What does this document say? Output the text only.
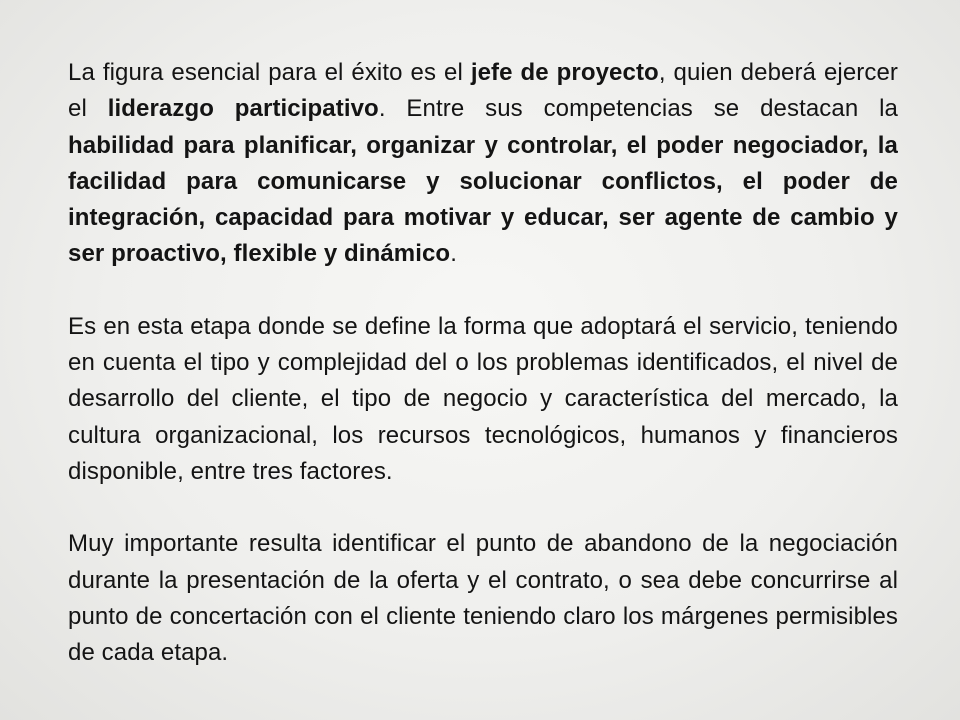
La figura esencial para el éxito es el jefe de proyecto, quien deberá ejercer el liderazgo participativo. Entre sus competencias se destacan la habilidad para planificar, organizar y controlar, el poder negociador, la facilidad para comunicarse y solucionar conflictos, el poder de integración, capacidad para motivar y educar, ser agente de cambio y ser proactivo, flexible y dinámico.

Es en esta etapa donde se define la forma que adoptará el servicio, teniendo en cuenta el tipo y complejidad del o los problemas identificados, el nivel de desarrollo del cliente, el tipo de negocio y característica del mercado, la cultura organizacional, los recursos tecnológicos, humanos y financieros disponible, entre tres factores.

Muy importante resulta identificar el punto de abandono de la negociación durante la presentación de la oferta y el contrato, o sea debe concurrirse al punto de concertación con el cliente teniendo claro los márgenes permisibles de cada etapa.
